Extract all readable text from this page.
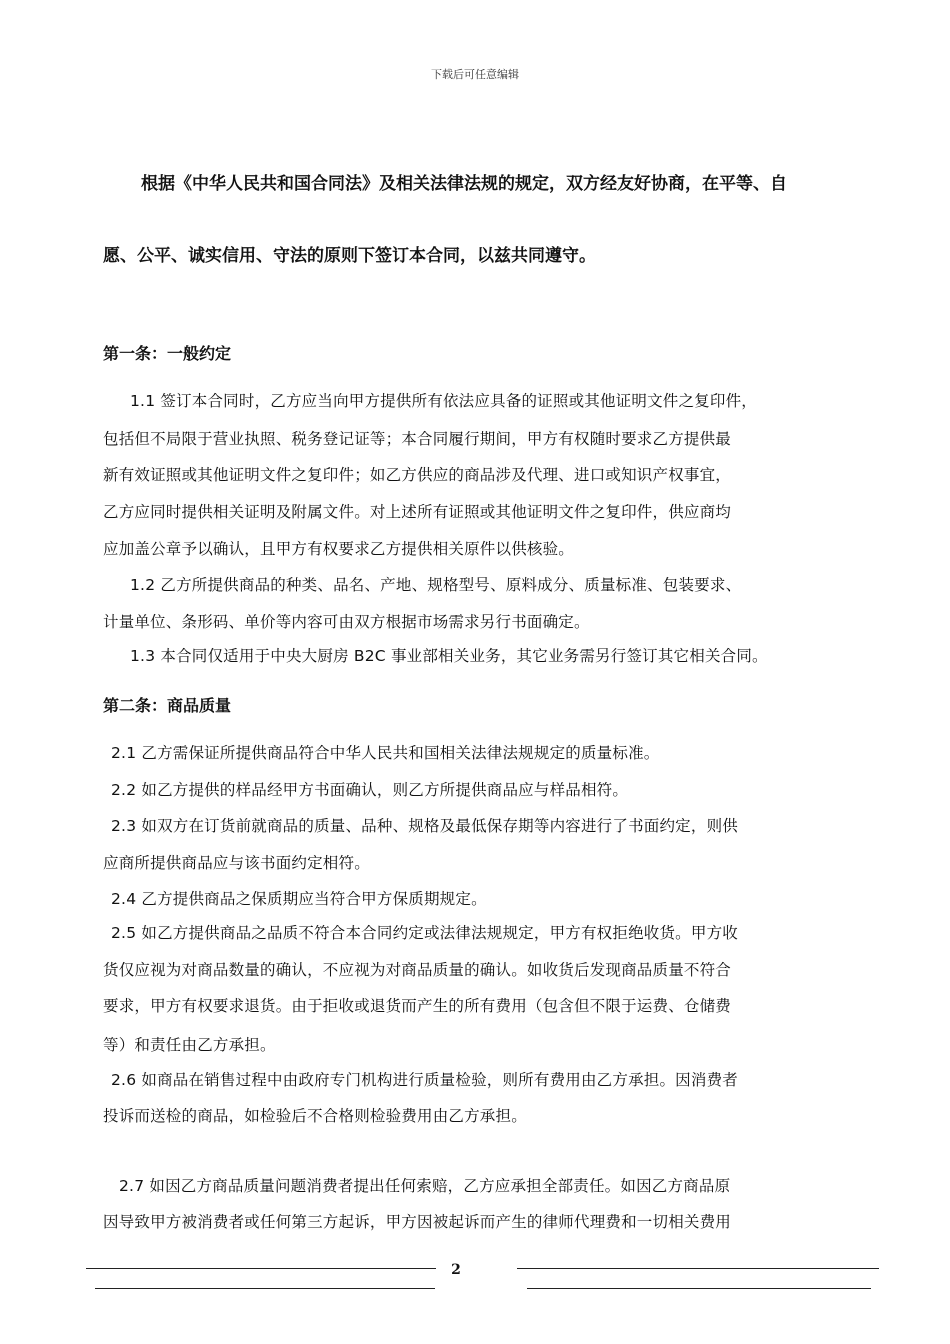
下载后可任意编辑
根据《中华人民共和国合同法》及相关法律法规的规定，双方经友好协商，在平等、自
愿、公平、诚实信用、守法的原则下签订本合同，以兹共同遵守。
第一条：一般约定
1.1 签订本合同时，乙方应当向甲方提供所有依法应具备的证照或其他证明文件之复印件，
包括但不局限于营业执照、税务登记证等；本合同履行期间，甲方有权随时要求乙方提供最
新有效证照或其他证明文件之复印件；如乙方供应的商品涉及代理、进口或知识产权事宜，
乙方应同时提供相关证明及附属文件。对上述所有证照或其他证明文件之复印件，供应商均
应加盖公章予以确认，且甲方有权要求乙方提供相关原件以供核验。
1.2 乙方所提供商品的种类、品名、产地、规格型号、原料成分、质量标准、包装要求、
计量单位、条形码、单价等内容可由双方根据市场需求另行书面确定。
1.3 本合同仅适用于中央大厨房 B2C 事业部相关业务，其它业务需另行签订其它相关合同。
第二条：商品质量
2.1 乙方需保证所提供商品符合中华人民共和国相关法律法规规定的质量标准。
2.2 如乙方提供的样品经甲方书面确认，则乙方所提供商品应与样品相符。
2.3 如双方在订货前就商品的质量、品种、规格及最低保存期等内容进行了书面约定，则供
应商所提供商品应与该书面约定相符。
2.4 乙方提供商品之保质期应当符合甲方保质期规定。
2.5 如乙方提供商品之品质不符合本合同约定或法律法规规定，甲方有权拒绝收货。甲方收
货仅应视为对商品数量的确认，不应视为对商品质量的确认。如收货后发现商品质量不符合
要求，甲方有权要求退货。由于拒收或退货而产生的所有费用（包含但不限于运费、仓储费
等）和责任由乙方承担。
2.6 如商品在销售过程中由政府专门机构进行质量检验，则所有费用由乙方承担。因消费者
投诉而送检的商品，如检验后不合格则检验费用由乙方承担。
2.7 如因乙方商品质量问题消费者提出任何索赔，乙方应承担全部责任。如因乙方商品原
因导致甲方被消费者或任何第三方起诉，甲方因被起诉而产生的律师代理费和一切相关费用
2
